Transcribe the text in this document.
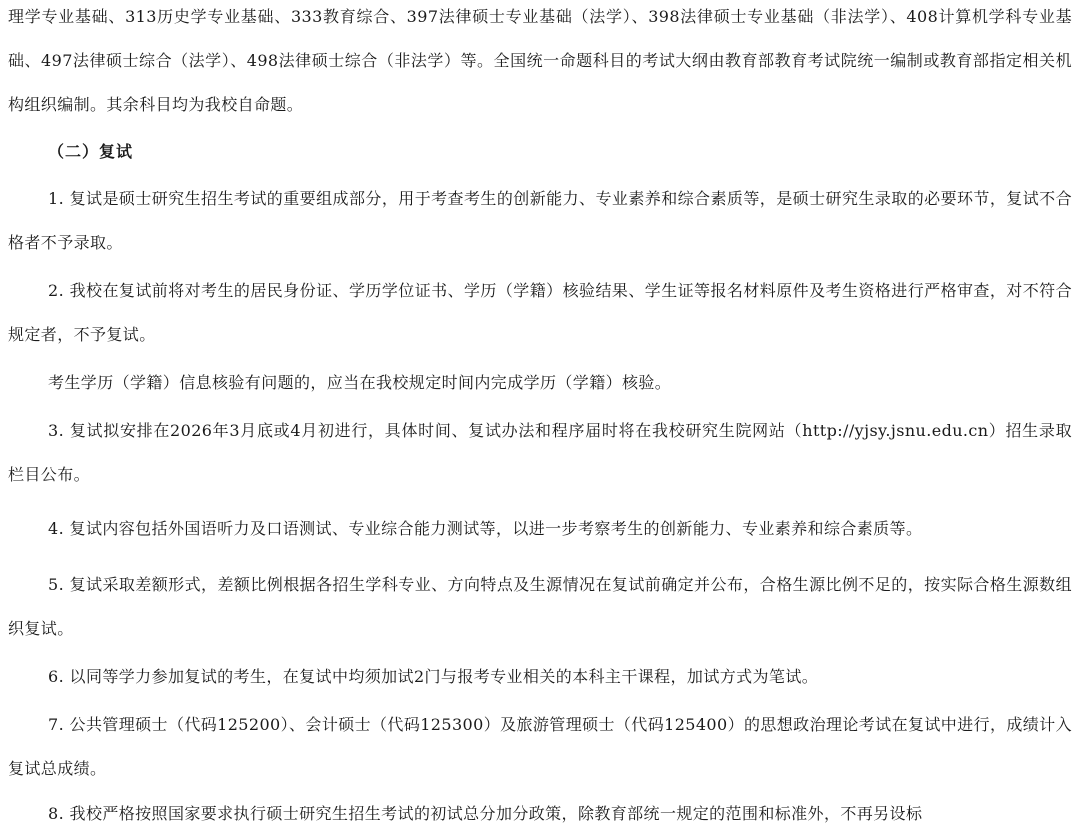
理学专业基础、313历史学专业基础、333教育综合、397法律硕士专业基础（法学）、398法律硕士专业基础（非法学）、408计算机学科专业基础、497法律硕士综合（法学）、498法律硕士综合（非法学）等。全国统一命题科目的考试大纲由教育部教育考试院统一编制或教育部指定相关机构组织编制。其余科目均为我校自命题。
（二）复试
1. 复试是硕士研究生招生考试的重要组成部分，用于考查考生的创新能力、专业素养和综合素质等，是硕士研究生录取的必要环节，复试不合格者不予录取。
2. 我校在复试前将对考生的居民身份证、学历学位证书、学历（学籍）核验结果、学生证等报名材料原件及考生资格进行严格审查，对不符合规定者，不予复试。
考生学历（学籍）信息核验有问题的，应当在我校规定时间内完成学历（学籍）核验。
3. 复试拟安排在2026年3月底或4月初进行，具体时间、复试办法和程序届时将在我校研究生院网站（http://yjsy.jsnu.edu.cn）招生录取栏目公布。
4. 复试内容包括外国语听力及口语测试、专业综合能力测试等，以进一步考察考生的创新能力、专业素养和综合素质等。
5. 复试采取差额形式，差额比例根据各招生学科专业、方向特点及生源情况在复试前确定并公布，合格生源比例不足的，按实际合格生源数组织复试。
6. 以同等学力参加复试的考生，在复试中均须加试2门与报考专业相关的本科主干课程，加试方式为笔试。
7. 公共管理硕士（代码125200）、会计硕士（代码125300）及旅游管理硕士（代码125400）的思想政治理论考试在复试中进行，成绩计入复试总成绩。
8. 我校严格按照国家要求执行硕士研究生招生考试的初试总分加分政策，除教育部统一规定的范围和标准外，不再另设标
